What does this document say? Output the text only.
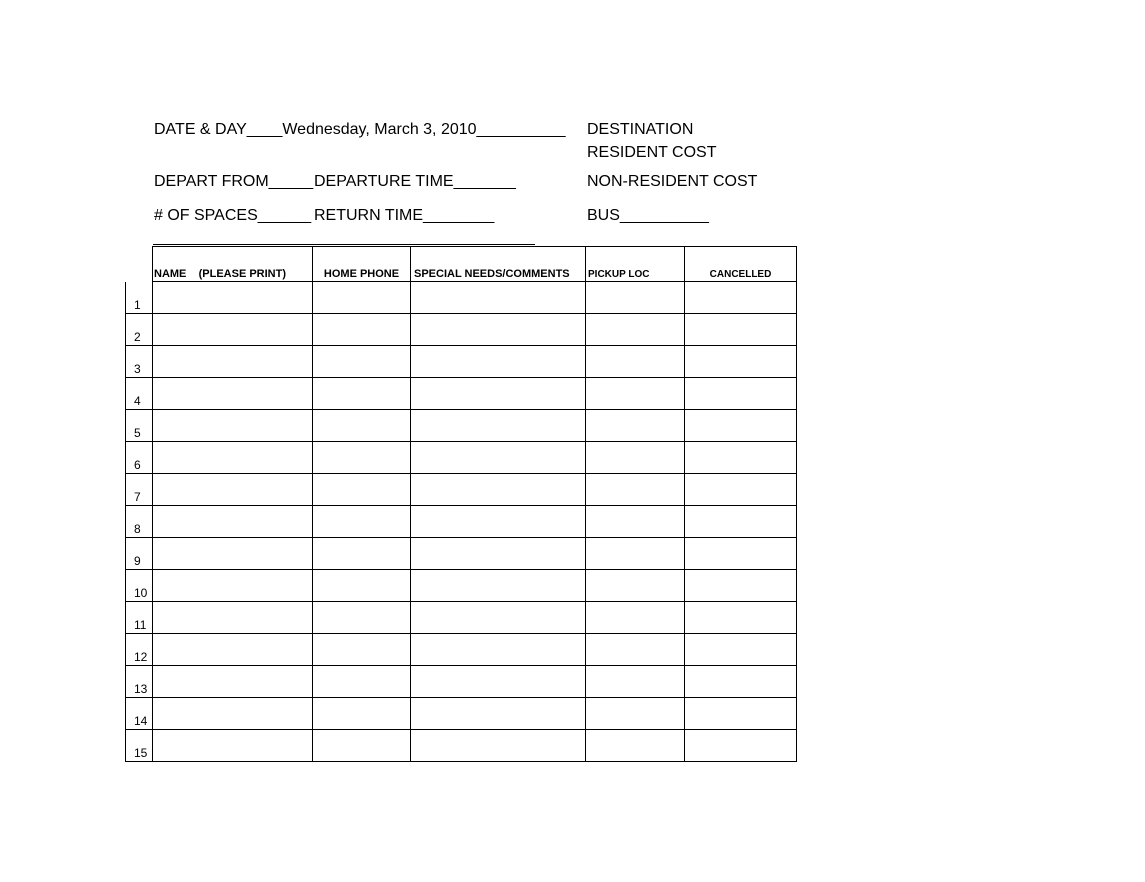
DATE & DAY____Wednesday, March 3, 2010__________ DESTINATION
RESIDENT COST
DEPART FROM_____ DEPARTURE TIME_______	NON-RESIDENT COST
# OF SPACES______ RETURN TIME________	BUS__________
	NAME    (PLEASE PRINT)	HOME PHONE	SPECIAL NEEDS/COMMENTS	PICKUP LOC	CANCELLED
1					
2					
3					
4					
5					
6					
7					
8					
9					
10					
11					
12					
13					
14					
15					
